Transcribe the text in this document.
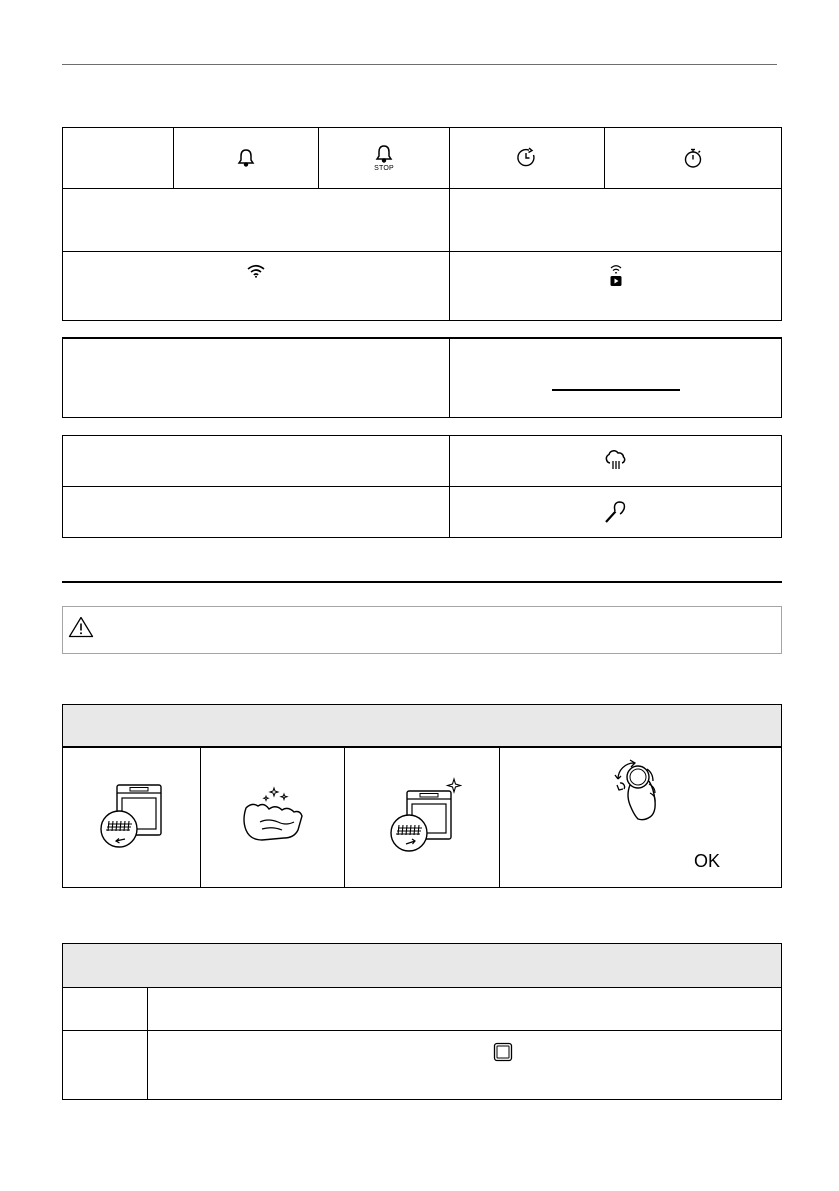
STOP
OK
